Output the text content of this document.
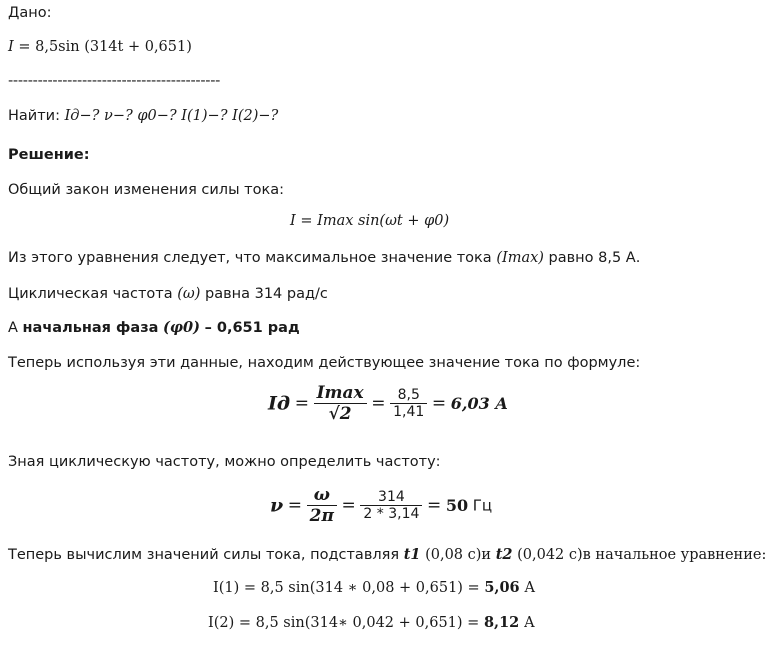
Дано:
I = 8,5sin (314t + 0,651)
-------------------------------------------
Найти: Iд−? ν−? φ0−? I(1)−? I(2)−?
Решение:
Общий закон изменения силы тока:
I = Imax sin(ωt + φ0)
Из этого уравнения следует, что максимальное значение тока (Imax) равно 8,5 А.
Циклическая частота (ω) равна 314 рад/с
А начальная фаза (φ0) – 0,651 рад
Теперь используя эти данные, находим действующее значение тока по формуле:
Iд = $\frac{Imax}{√2} = \frac{8,5}{1,41} = 6,03$ A
Зная циклическую частоту, можно определить частоту:
$\nu = \frac{\omega}{2\pi} = \frac{314}{2 * 3,14} = 50$ Гц
Теперь вычислим значений силы тока, подставляя t1 (0,08 с)и t2 (0,042 с)в начальное уравнение:
I(1) = 8,5 sin(314 ∗ 0,08 + 0,651) = 5,06 А
I(2) = 8,5 sin(314∗ 0,042 + 0,651) = 8,12 А
